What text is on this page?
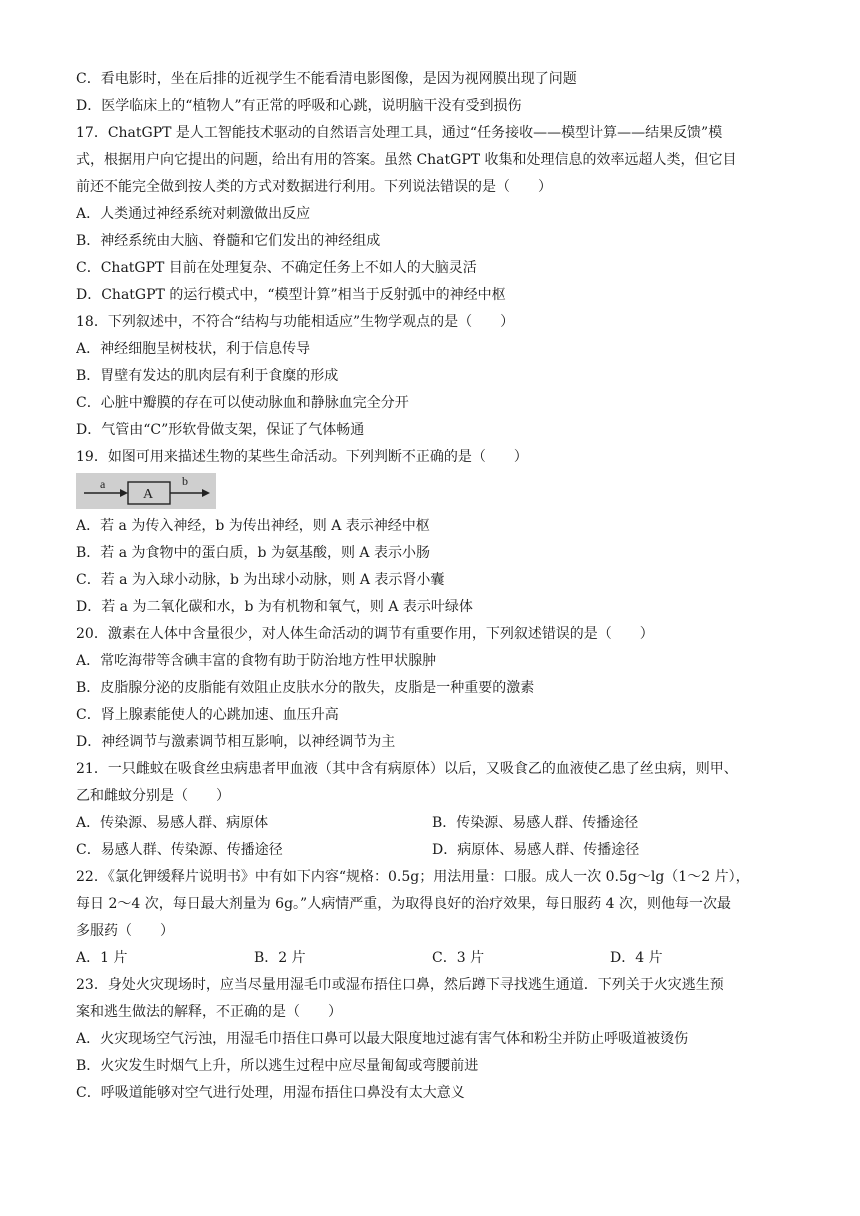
C．看电影时，坐在后排的近视学生不能看清电影图像，是因为视网膜出现了问题
D．医学临床上的“植物人”有正常的呼吸和心跳，说明脑干没有受到损伤
17．ChatGPT 是人工智能技术驱动的自然语言处理工具，通过“任务接收——模型计算——结果反馈”模
式，根据用户向它提出的问题，给出有用的答案。虽然 ChatGPT 收集和处理信息的效率远超人类，但它目
前还不能完全做到按人类的方式对数据进行利用。下列说法错误的是（　　）
A．人类通过神经系统对刺激做出反应
B．神经系统由大脑、脊髓和它们发出的神经组成
C．ChatGPT 目前在处理复杂、不确定任务上不如人的大脑灵活
D．ChatGPT 的运行模式中，“模型计算”相当于反射弧中的神经中枢
18．下列叙述中，不符合“结构与功能相适应”生物学观点的是（　　）
A．神经细胞呈树枝状，利于信息传导
B．胃壁有发达的肌肉层有利于食糜的形成
C．心脏中瓣膜的存在可以使动脉血和静脉血完全分开
D．气管由“C”形软骨做支架，保证了气体畅通
19．如图可用来描述生物的某些生命活动。下列判断不正确的是（　　）
a
A
b
A．若 a 为传入神经，b 为传出神经，则 A 表示神经中枢
B．若 a 为食物中的蛋白质，b 为氨基酸，则 A 表示小肠
C．若 a 为入球小动脉，b 为出球小动脉，则 A 表示肾小囊
D．若 a 为二氧化碳和水，b 为有机物和氧气，则 A 表示叶绿体
20．激素在人体中含量很少，对人体生命活动的调节有重要作用，下列叙述错误的是（　　）
A．常吃海带等含碘丰富的食物有助于防治地方性甲状腺肿
B．皮脂腺分泌的皮脂能有效阻止皮肤水分的散失，皮脂是一种重要的激素
C．肾上腺素能使人的心跳加速、血压升高
D．神经调节与激素调节相互影响，以神经调节为主
21．一只雌蚊在吸食丝虫病患者甲血液（其中含有病原体）以后，又吸食乙的血液使乙患了丝虫病，则甲、
乙和雌蚊分别是（　　）
A．传染源、易感人群、病原体	B．传染源、易感人群、传播途径
C．易感人群、传染源、传播途径	D．病原体、易感人群、传播途径
22．《氯化钾缓释片说明书》中有如下内容“规格：0.5g；用法用量：口服。成人一次 0.5g～lg（1～2 片），
每日 2～4 次，每日最大剂量为 6g。”人病情严重，为取得良好的治疗效果，每日服药 4 次，则他每一次最
多服药（　　）
A．1 片	B．2 片	C．3 片	D．4 片
23．身处火灾现场时，应当尽量用湿毛巾或湿布捂住口鼻，然后蹲下寻找逃生通道．下列关于火灾逃生预
案和逃生做法的解释，不正确的是（　　）
A．火灾现场空气污浊，用湿毛巾捂住口鼻可以最大限度地过滤有害气体和粉尘并防止呼吸道被烫伤
B．火灾发生时烟气上升，所以逃生过程中应尽量匍匐或弯腰前进
C．呼吸道能够对空气进行处理，用湿布捂住口鼻没有太大意义
